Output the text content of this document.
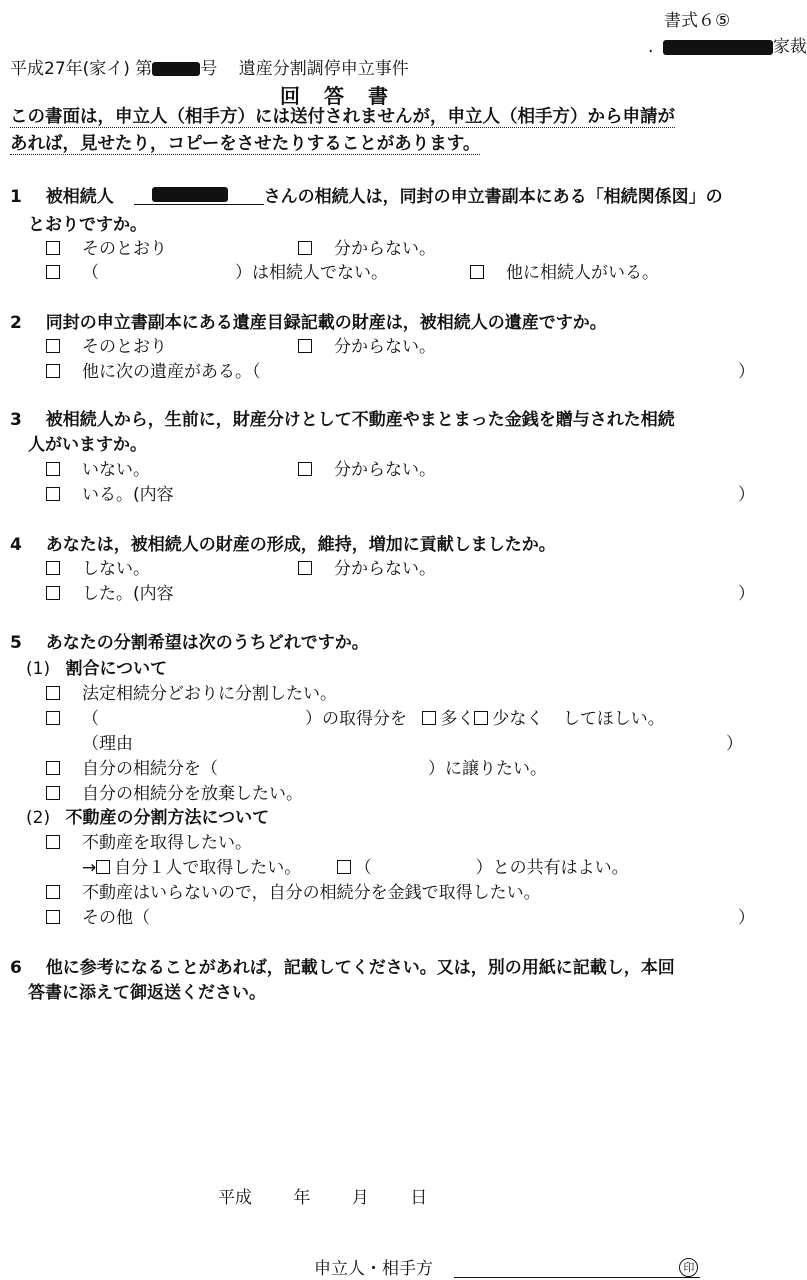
書式６⑤
.	家裁
平成27年(家イ) 第	号 遺産分割調停申立事件
回　答　書
この書面は，申立人（相手方）には送付されませんが，申立人（相手方）から申請が
あれば，見せたり，コピーをさせたりすることがあります。
1 被相続人	さんの相続人は，同封の申立書副本にある「相続関係図」の
とおりですか。
そのとおり	分からない。
（	）は相続人でない。	他に相続人がいる。
2 同封の申立書副本にある遺産目録記載の財産は，被相続人の遺産ですか。
そのとおり	分からない。
他に次の遺産がある。（	）
3 被相続人から，生前に，財産分けとして不動産やまとまった金銭を贈与された相続
人がいますか。
いない。	分からない。
いる。(内容	）
4 あなたは，被相続人の財産の形成，維持，増加に貢献しましたか。
しない。	分からない。
した。(内容	）
5 あなたの分割希望は次のうちどれですか。
(1) 割合について
法定相続分どおりに分割したい。
（	）の取得分を 多く 少なく してほしい。
（理由	）
自分の相続分を（	）に譲りたい。
自分の相続分を放棄したい。
(2) 不動産の分割方法について
不動産を取得したい。
→ 自分１人で取得したい。	（	）との共有はよい。
不動産はいらないので，自分の相続分を金銭で取得したい。
その他（	）
6 他に参考になることがあれば，記載してください。又は，別の用紙に記載し，本回
答書に添えて御返送ください。
平成 年 月 日
申立人・相手方	印
